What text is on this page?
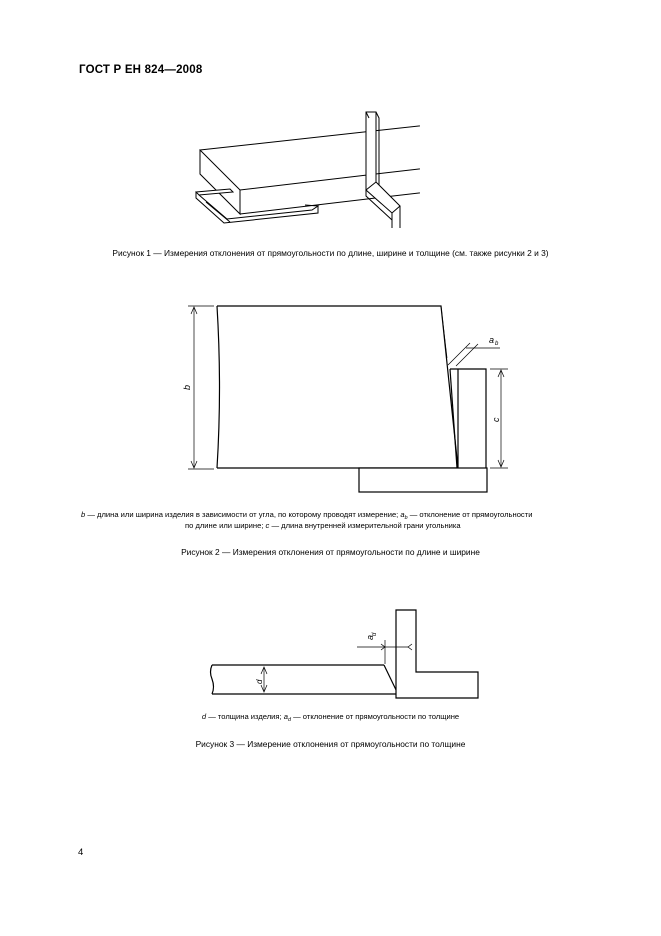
ГОСТ Р ЕН 824—2008
Рисунок 1 — Измерения отклонения от прямоугольности по длине, ширине и толщине (см. также рисунки 2 и 3)
b
c
a b
b — длина или ширина изделия в зависимости от угла, по которому проводят измерение; $a_b$ — отклонение от прямоугольности
по длине или ширине; c — длина внутренней измерительной грани угольника
Рисунок 2 — Измерения отклонения от прямоугольности по длине и ширине
d
a
d
d — толщина изделия; $a_d$ — отклонение от прямоугольности по толщине
Рисунок 3 — Измерение отклонения от прямоугольности по толщине
4
